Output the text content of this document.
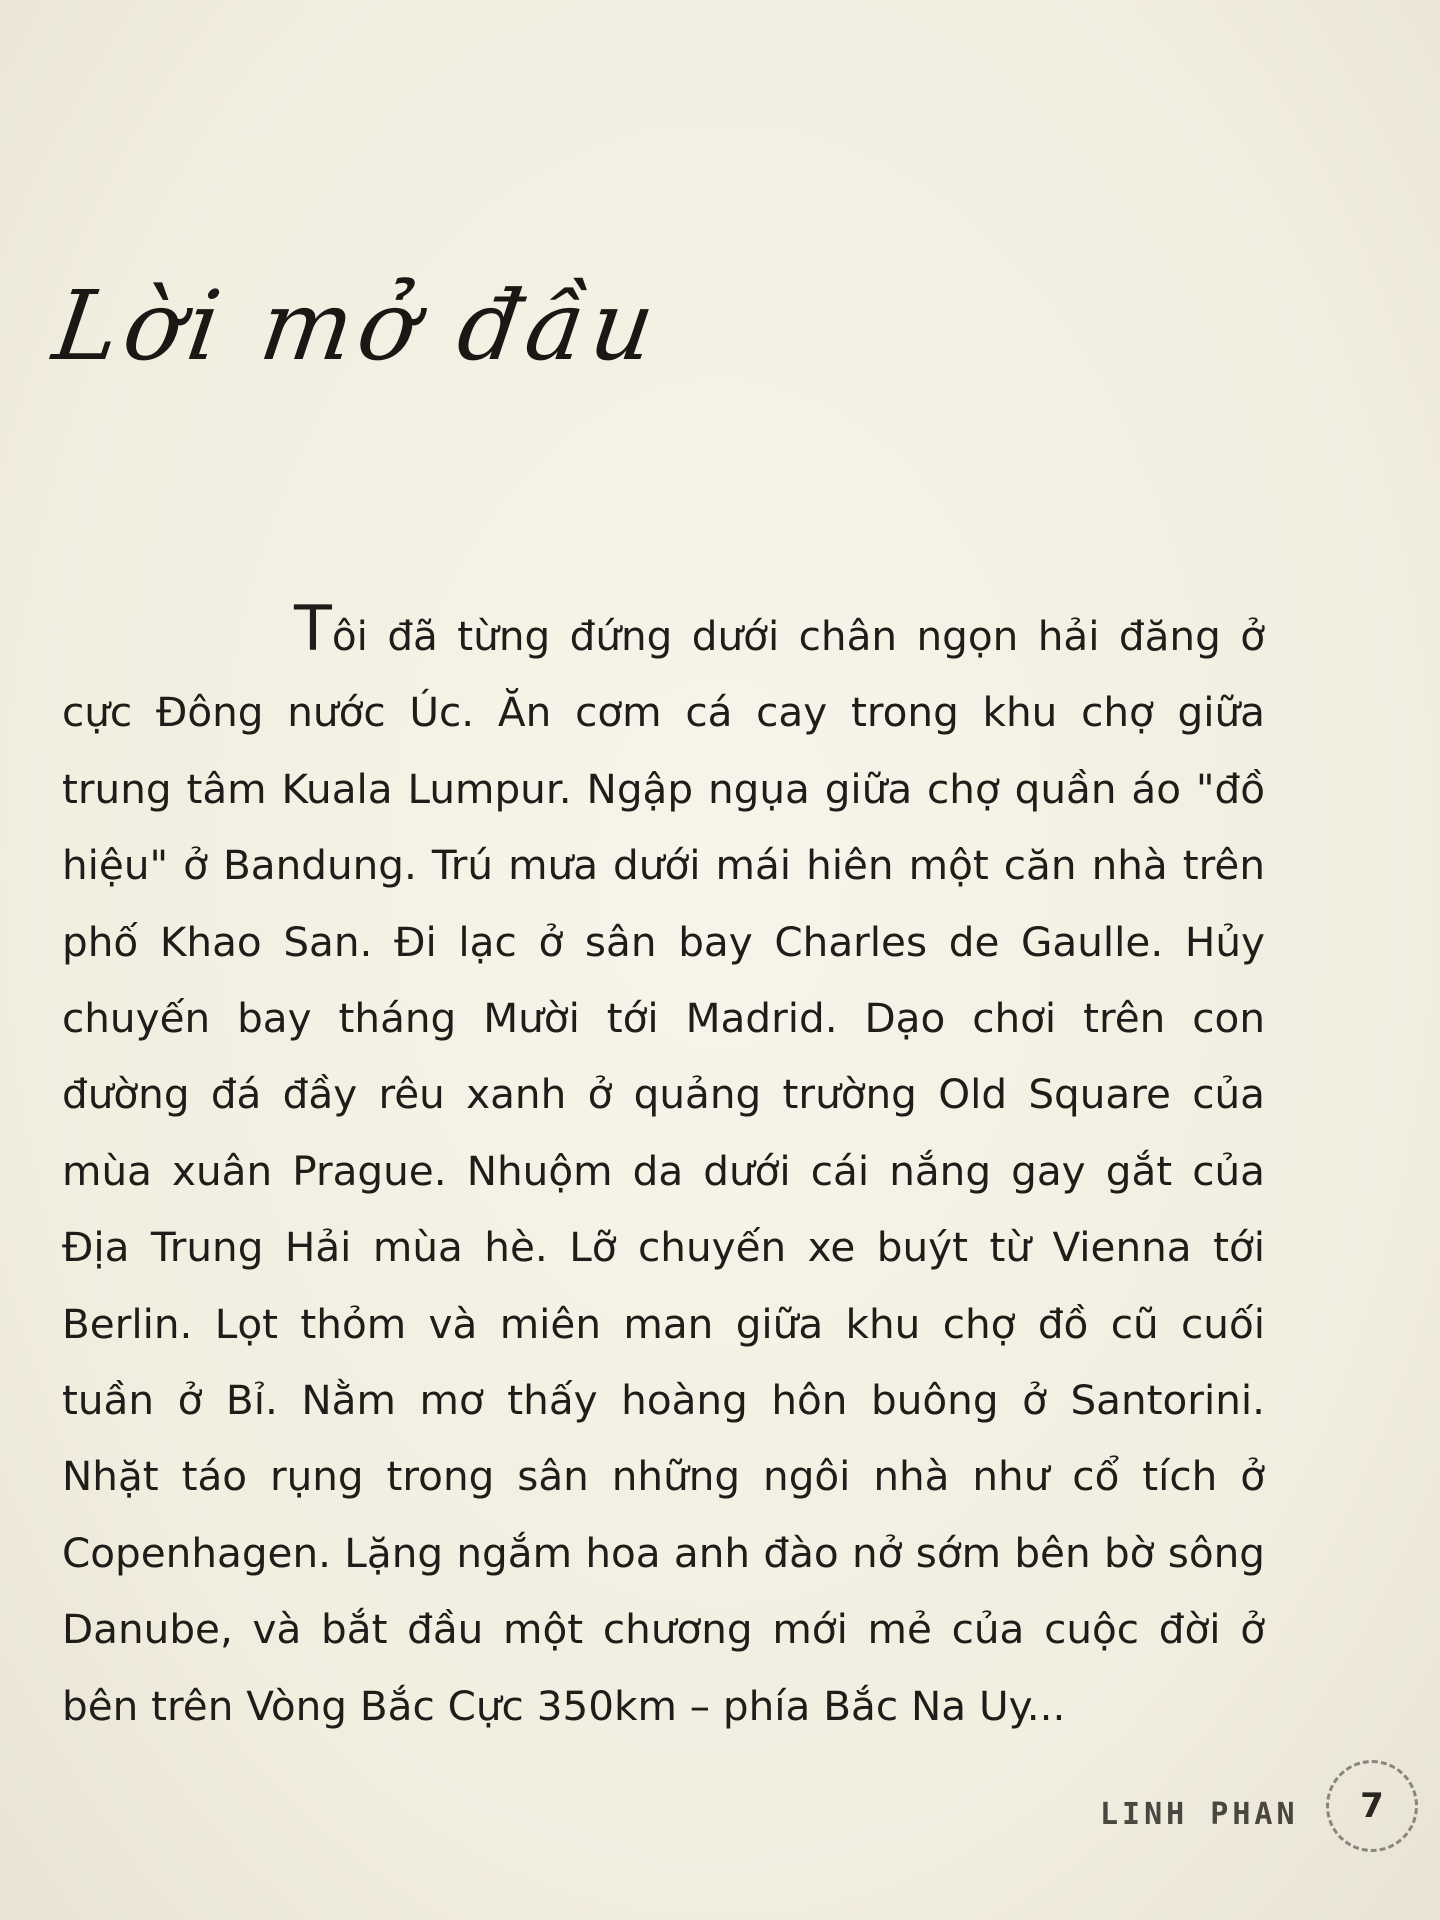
Lời mở đầu

Tôi đã từng đứng dưới chân ngọn hải đăng ở cực Đông nước Úc. Ăn cơm cá cay trong khu chợ giữa trung tâm Kuala Lumpur. Ngập ngụa giữa chợ quần áo "đồ hiệu" ở Bandung. Trú mưa dưới mái hiên một căn nhà trên phố Khao San. Đi lạc ở sân bay Charles de Gaulle. Hủy chuyến bay tháng Mười tới Madrid. Dạo chơi trên con đường đá đầy rêu xanh ở quảng trường Old Square của mùa xuân Prague. Nhuộm da dưới cái nắng gay gắt của Địa Trung Hải mùa hè. Lỡ chuyến xe buýt từ Vienna tới Berlin. Lọt thỏm và miên man giữa khu chợ đồ cũ cuối tuần ở Bỉ. Nằm mơ thấy hoàng hôn buông ở Santorini. Nhặt táo rụng trong sân những ngôi nhà như cổ tích ở Copenhagen. Lặng ngắm hoa anh đào nở sớm bên bờ sông Danube, và bắt đầu một chương mới mẻ của cuộc đời ở bên trên Vòng Bắc Cực 350km – phía Bắc Na Uy...

LINH PHAN 7
